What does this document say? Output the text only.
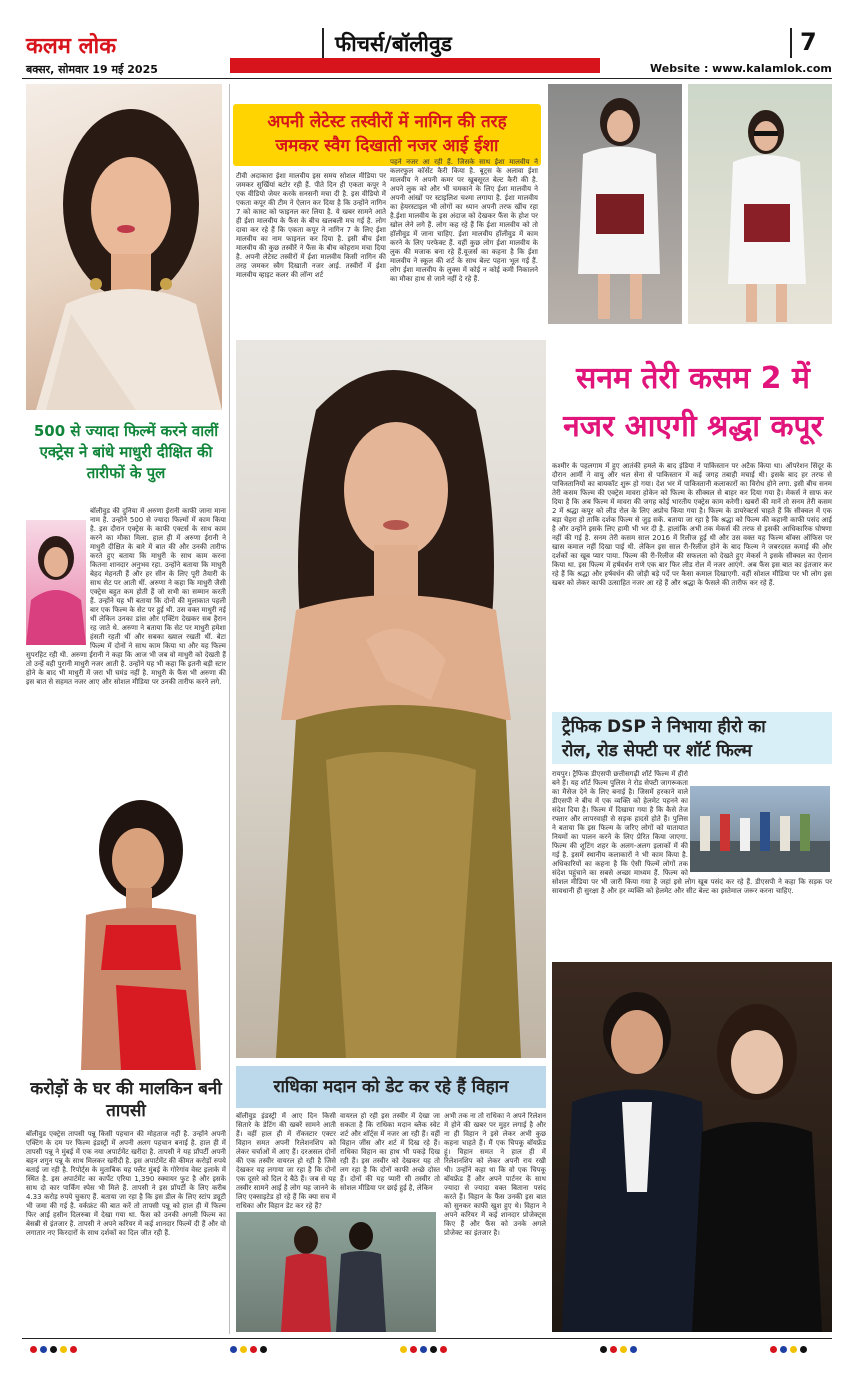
कलम लोक	फीचर्स/बॉलीवुड	7
बक्सर, सोमवार 19 मई 2025	Website : www.kalamlok.com
500 से ज्यादा फिल्में करने वालीं एक्ट्रेस ने बांधे माधुरी दीक्षित की तारीफों के पुल
बॉलीवुड की दुनिया में अरुणा ईरानी काफी जाना माना नाम है. उन्होंने 500 से ज्यादा फिल्मों में काम किया है. इस दौरान एक्ट्रेस के काफी एक्टर्स के साथ काम करने का मौका मिला. हाल ही में अरुणा ईरानी ने माधुरी दीक्षित के बारे में बात की और उनकी तारीफ करते हुए बताया कि माधुरी के साथ काम करना कितना शानदार अनुभव रहा. उन्होंने बताया कि माधुरी बेहद मेहनती हैं और हर सीन के लिए पूरी तैयारी के साथ सेट पर आती थीं. अरुणा ने कहा कि माधुरी जैसी एक्ट्रेस बहुत कम होती हैं जो सभी का सम्मान करती हैं. उन्होंने यह भी बताया कि दोनों की मुलाकात पहली बार एक फिल्म के सेट पर हुई थी. उस वक्त माधुरी नई थीं लेकिन उनका डांस और एक्टिंग देखकर सब हैरान रह जाते थे. अरुणा ने बताया कि सेट पर माधुरी हमेशा हंसती रहती थीं और सबका ख्याल रखती थीं. बेटा फिल्म में दोनों ने साथ काम किया था और यह फिल्म सुपरहिट रही थी. अरुणा ईरानी ने कहा कि आज भी जब वो माधुरी को देखती हैं तो उन्हें वही पुरानी माधुरी नजर आती है. उन्होंने यह भी कहा कि इतनी बड़ी स्टार होने के बाद भी माधुरी में जरा भी घमंड नहीं है. माधुरी के फैंस भी अरुणा की इस बात से सहमत नजर आए और सोशल मीडिया पर उनकी तारीफ करने लगे.
करोड़ों के घर की मालकिन बनी तापसी
बॉलीवुड एक्ट्रेस तापसी पन्नू किसी पहचान की मोहताज नहीं है. उन्होंने अपनी एक्टिंग के दम पर फिल्म इंडस्ट्री में अपनी अलग पहचान बनाई है. हाल ही में तापसी पन्नू ने मुंबई में एक नया अपार्टमेंट खरीदा है. तापसी ने यह प्रॉपर्टी अपनी बहन शगुन पन्नू के साथ मिलकर खरीदी है. इस अपार्टमेंट की कीमत करोड़ों रुपये बताई जा रही है. रिपोर्ट्स के मुताबिक यह फ्लैट मुंबई के गोरेगांव वेस्ट इलाके में स्थित है. इस अपार्टमेंट का कार्पेट एरिया 1,390 स्क्वायर फुट है और इसके साथ दो कार पार्किंग स्पेस भी मिले हैं. तापसी ने इस प्रॉपर्टी के लिए करीब 4.33 करोड़ रुपये चुकाए हैं. बताया जा रहा है कि इस डील के लिए स्टांप ड्यूटी भी जमा की गई है. वर्कफ्रंट की बात करें तो तापसी पन्नू को हाल ही में फिल्म फिर आई हसीन दिलरुबा में देखा गया था. फैंस को उनकी अगली फिल्म का बेसब्री से इंतजार है. तापसी ने अपने करियर में कई शानदार फिल्में दी हैं और वो लगातार नए किरदारों के साथ दर्शकों का दिल जीत रही हैं.
अपनी लेटेस्ट तस्वीरों में नागिन की तरह
जमकर स्वैग दिखाती नजर आई ईशा
टीवी अदाकारा ईशा मालवीय इस समय सोशल मीडिया पर जमकर सुर्खियां बटोर रही हैं. पीते दिन ही एकता कपूर ने एक वीडियो जेयर करके सनसनी मचा दी है. इस वीडियो में एकता कपूर की टीम ने ऐलान कर दिया है कि उन्होंने नागिन 7 को कास्ट को फाइनल कर लिया है. ये खबर सामने आते ही ईशा मालवीय के फैंस के बीच खलबली मच गई है. लोग दावा कर रहे हैं कि एकता कपूर ने नागिन 7 के लिए ईशा मालवीय का नाम फाइनल कर दिया है. इसी बीच ईशा मालवीय की कुछ तस्वीरें ने फैंस के बीच कोहराम मचा दिया है. अपनी लेटेस्ट तस्वीरों में ईशा मालवीय किसी नागिन की तरह जमकर स्वैग दिखाती नजर आई. तस्वीरों में ईशा मालवीय व्हाइट कलर की लॉन्ग शर्ट
पहने नजर आ रही हैं. जिसके साथ ईशा मालवीय ने कलरफुल कॉर्सेट कैरी किया है. बूट्स के अलावा ईशा मालवीय ने अपनी कमर पर खूबसूरत बेल्ट कैरी की है. अपने लुक को और भी चमकाने के लिए ईशा मालवीय ने अपनी आंखों पर स्टाइलिश चश्मा लगाया है. ईशा मालवीय का हेयरस्टाइल भी लोगों का ध्यान अपनी तरफ खींच रहा है.ईशा मालवीय के इस अंदाज को देखकर फैंस के होश पर खोल लेने लगे हैं. लोग कह रहे हैं कि ईशा मालवीय को तो हॉलीवुड में जाना चाहिए. ईशा मालवीय हॉलीवुड में काम करने के लिए परफेक्ट हैं. वहीं कुछ लोग ईशा मालवीय के लुक की मजाक बना रहे हैं.यूजर्स का कहना है कि ईशा मालवीय ने स्कूल की शर्ट के साथ बेल्ट पहना भूल गई हैं. लोग ईशा मालवीय के लुक्स में कोई न कोई कमी निकालने का मौका हाथ से जाने नहीं दे रहे हैं.
सनम तेरी कसम 2 में
नजर आएगी श्रद्धा कपूर
कश्मीर के पहलगाम में हुए आतंकी हमले के बाद इंडिया ने पाकिस्तान पर अटैक किया था। ऑपरेशन सिंदूर के दौरान आर्मी ने वायु और थल सेना से पाकिस्तान में कई जगह तबाही मचाई थी। इसके बाद हर तरफ से पाकिस्तानियों का बायकॉट शुरू हो गया। देश भर में पाकिस्तानी कलाकारों का विरोध होने लगा. इसी बीच सनम तेरी कसम फिल्म की एक्ट्रेस मावरा होकेन को फिल्म के सीक्वल से बाहर कर दिया गया है। मेकर्स ने साफ कर दिया है कि अब फिल्म में मावरा की जगह कोई भारतीय एक्ट्रेस काम करेगी। खबरों की मानें तो सनम तेरी कसम 2 में श्रद्धा कपूर को लीड रोल के लिए अप्रोच किया गया है। फिल्म के डायरेक्टर्स चाहते हैं कि सीक्वल में एक बड़ा चेहरा हो ताकि दर्शक फिल्म से जुड़ सकें. बताया जा रहा है कि श्रद्धा को फिल्म की कहानी काफी पसंद आई है और उन्होंने इसके लिए हामी भी भर दी है. हालांकि अभी तक मेकर्स की तरफ से इसकी आधिकारिक घोषणा नहीं की गई है. सनम तेरी कसम साल 2016 में रिलीज हुई थी और उस वक्त यह फिल्म बॉक्स ऑफिस पर खास कमाल नहीं दिखा पाई थी. लेकिन इस साल री-रिलीज होने के बाद फिल्म ने जबरदस्त कमाई की और दर्शकों का खूब प्यार पाया. फिल्म की री-रिलीज की सफलता को देखते हुए मेकर्स ने इसके सीक्वल का ऐलान किया था. इस फिल्म में हर्षवर्धन राणे एक बार फिर लीड रोल में नजर आएंगे. अब फैंस इस बात का इंतजार कर रहे हैं कि श्रद्धा और हर्षवर्धन की जोड़ी बड़े पर्दे पर कैसा कमाल दिखाएगी. वहीं सोशल मीडिया पर भी लोग इस खबर को लेकर काफी उत्साहित नजर आ रहे हैं और श्रद्धा के फैसले की तारीफ कर रहे हैं.
ट्रैफिक DSP ने निभाया हीरो का
रोल, रोड सेफ्टी पर शॉर्ट फिल्म
रायपुर। ट्रैफिक डीएसपी छत्तीसगढ़ी शॉर्ट फिल्म में हीरो बने हैं। यह शॉर्ट फिल्म पुलिस ने रोड सेफ्टी जागरूकता का मैसेज देने के लिए बनाई है। जिसमें हरकाने वाले डीएसपी ने बीच में एक व्यक्ति को हेलमेट पहनने का संदेश दिया है। फिल्म में दिखाया गया है कि कैसे तेज रफ्तार और लापरवाही से सड़क हादसे होते हैं। पुलिस ने बताया कि इस फिल्म के जरिए लोगों को यातायात नियमों का पालन करने के लिए प्रेरित किया जाएगा. फिल्म की शूटिंग शहर के अलग-अलग इलाकों में की गई है. इसमें स्थानीय कलाकारों ने भी काम किया है. अधिकारियों का कहना है कि ऐसी फिल्में लोगों तक संदेश पहुंचाने का सबसे अच्छा माध्यम हैं. फिल्म को सोशल मीडिया पर भी जारी किया गया है जहां इसे लोग खूब पसंद कर रहे हैं. डीएसपी ने कहा कि सड़क पर सावधानी ही सुरक्षा है और हर व्यक्ति को हेलमेट और सीट बेल्ट का इस्तेमाल जरूर करना चाहिए.
राधिका मदान को डेट कर रहे हैं विहान
बॉलीवुड इंडस्ट्री में आए दिन किसी सितारे के डेटिंग की खबरें सामने आती हैं। वहीं हाल ही में रॉकस्टार एक्टर विहान समत अपनी रिलेशनशिप को लेकर चर्चाओं में आए हैं। दरअसल दोनों की एक तस्वीर वायरल हो रही है जिसे देखकर यह लगाया जा रहा है कि दोनों एक दूसरे को दिल दे बैठे हैं। जब से यह तस्वीर सामने आई है लोग यह जानने के लिए एक्साइटेड हो रहे हैं कि क्या सच में राधिका और विहान डेट कर रहे हैं?
वायरल हो रही इस तस्वीर में देखा जा सकता है कि राधिका मदान ब्लैक स्वेट शर्ट और शॉर्ट्स में नजर आ रही हैं। वहीं विहान जींस और शर्ट में दिख रहे हैं। राधिका विहान का हाथ भी पकड़े दिख रही हैं। इस तस्वीर को देखकर यह तो लग रहा है कि दोनों काफी अच्छे दोस्त हैं। दोनों की यह प्यारी सी तस्वीर तो सोशल मीडिया पर छाई हुई है, लेकिन
अभी तक ना तो राधिका ने अपने रिलेशन में होने की खबर पर मुहर लगाई है और ना ही विहान ने इसे लेकर अभी कुछ कहना चाहते हैं। मैं एक चिपकू बॉयफ्रेंड हूं। विहान समत ने हाल ही में रिलेशनशिप को लेकर अपनी राय रखी थी। उन्होंने कहा था कि वो एक चिपकू बॉयफ्रेंड हैं और अपने पार्टनर के साथ ज्यादा से ज्यादा वक्त बिताना पसंद करते हैं। विहान के फैंस उनकी इस बात को सुनकर काफी खुश हुए थे। विहान ने अपने करियर में कई शानदार प्रोजेक्ट्स किए हैं और फैंस को उनके अगले प्रोजेक्ट का इंतजार है।
